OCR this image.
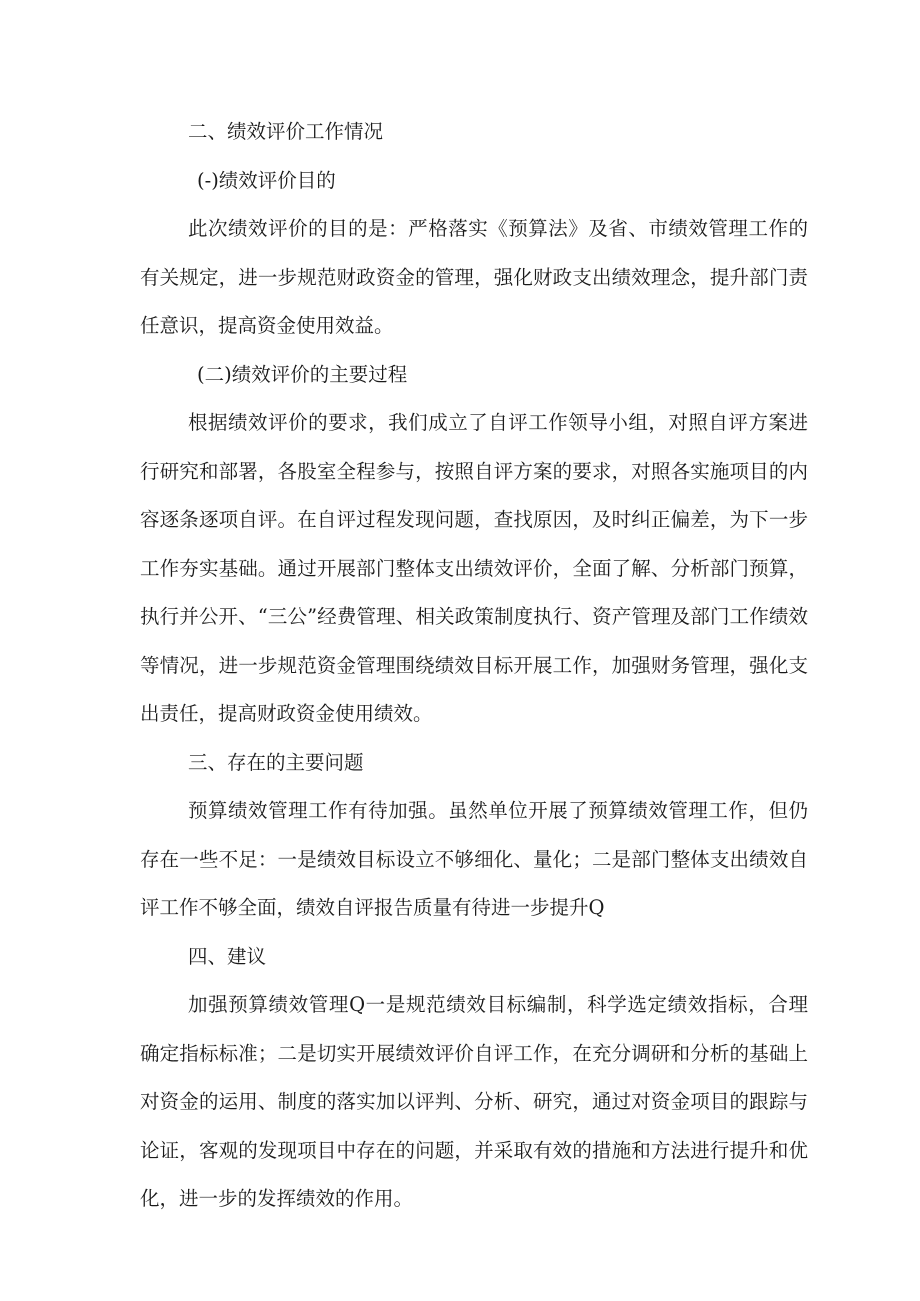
二、绩效评价工作情况
(-)绩效评价目的

此次绩效评价的目的是：严格落实《预算法》及省、市绩效管理工作的有关规定，进一步规范财政资金的管理，强化财政支出绩效理念，提升部门责任意识，提高资金使用效益。

(二)绩效评价的主要过程

根据绩效评价的要求，我们成立了自评工作领导小组，对照自评方案进行研究和部署，各股室全程参与，按照自评方案的要求，对照各实施项目的内容逐条逐项自评。在自评过程发现问题，查找原因，及时纠正偏差，为下一步工作夯实基础。通过开展部门整体支出绩效评价，全面了解、分析部门预算，执行并公开、“三公”经费管理、相关政策制度执行、资产管理及部门工作绩效等情况，进一步规范资金管理围绕绩效目标开展工作，加强财务管理，强化支出责任，提高财政资金使用绩效。

三、存在的主要问题

预算绩效管理工作有待加强。虽然单位开展了预算绩效管理工作，但仍存在一些不足：一是绩效目标设立不够细化、量化；二是部门整体支出绩效自评工作不够全面，绩效自评报告质量有待进一步提升Q

四、建议

加强预算绩效管理Q一是规范绩效目标编制，科学选定绩效指标，合理确定指标标准；二是切实开展绩效评价自评工作，在充分调研和分析的基础上对资金的运用、制度的落实加以评判、分析、研究，通过对资金项目的跟踪与论证，客观的发现项目中存在的问题，并采取有效的措施和方法进行提升和优化，进一步的发挥绩效的作用。
